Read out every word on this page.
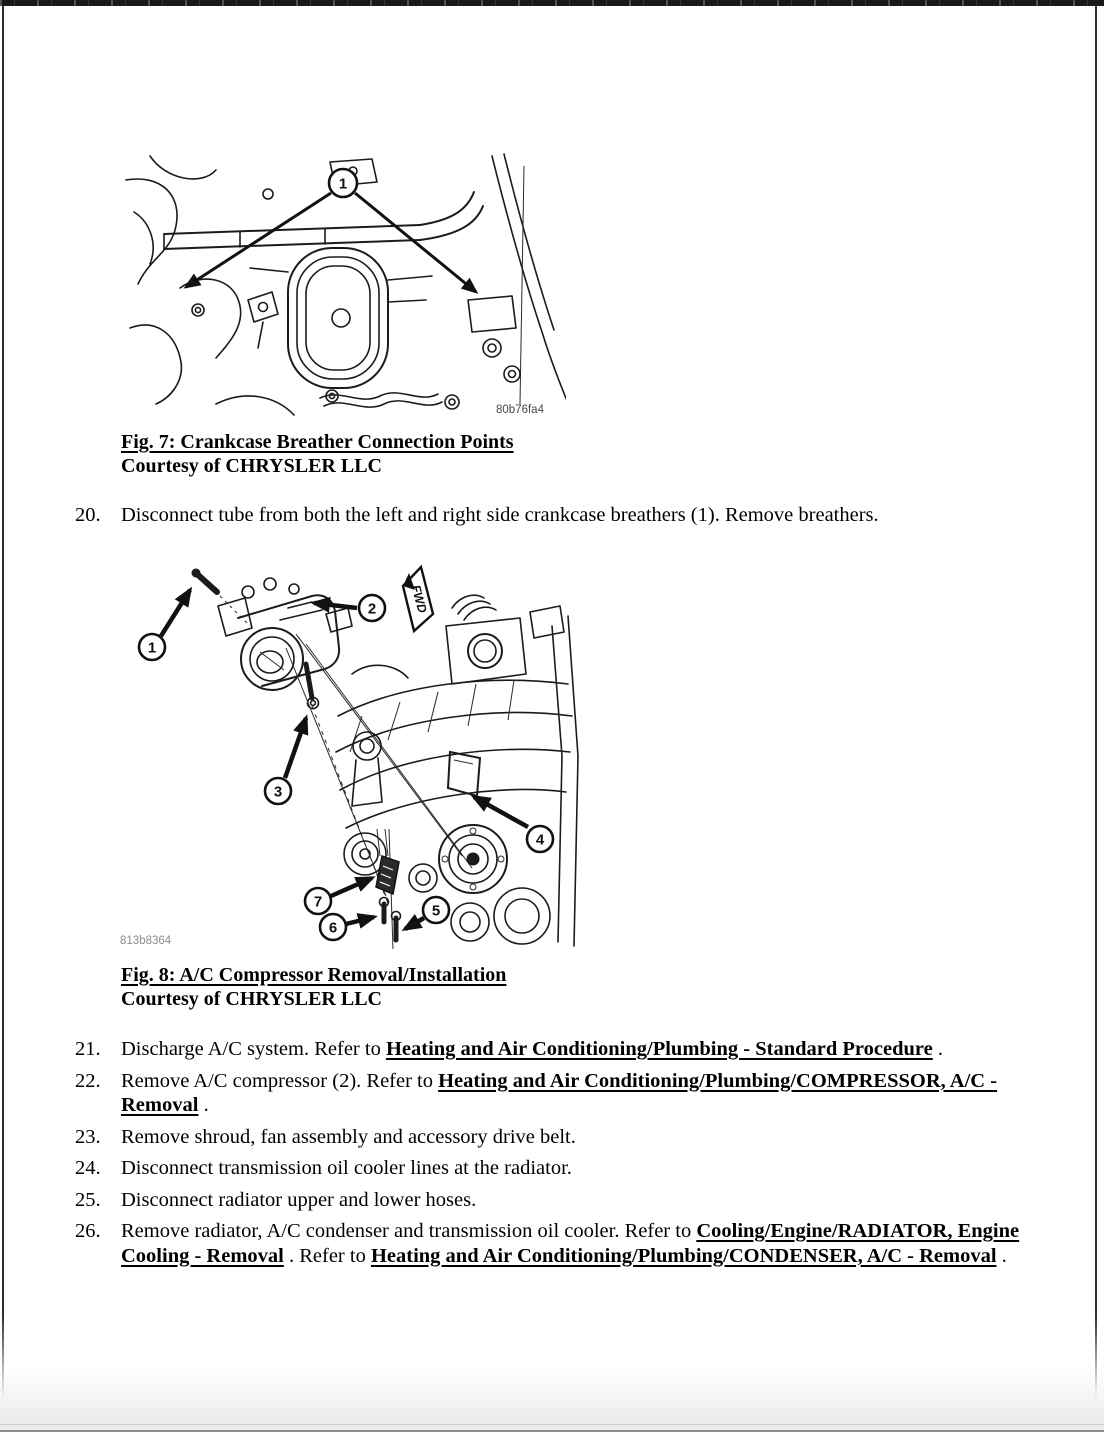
1
80b76fa4
Fig. 7: Crankcase Breather Connection Points
Courtesy of CHRYSLER LLC
20. Disconnect tube from both the left and right side crankcase breathers (1). Remove breathers.
FWD
1
2
3
4
5
6
7
813b8364
Fig. 8: A/C Compressor Removal/Installation
Courtesy of CHRYSLER LLC
21. Discharge A/C system. Refer to Heating and Air Conditioning/Plumbing - Standard Procedure .
22. Remove A/C compressor (2). Refer to Heating and Air Conditioning/Plumbing/COMPRESSOR, A/C - Removal .
23. Remove shroud, fan assembly and accessory drive belt.
24. Disconnect transmission oil cooler lines at the radiator.
25. Disconnect radiator upper and lower hoses.
26. Remove radiator, A/C condenser and transmission oil cooler. Refer to Cooling/Engine/RADIATOR, Engine Cooling - Removal . Refer to Heating and Air Conditioning/Plumbing/CONDENSER, A/C - Removal .
